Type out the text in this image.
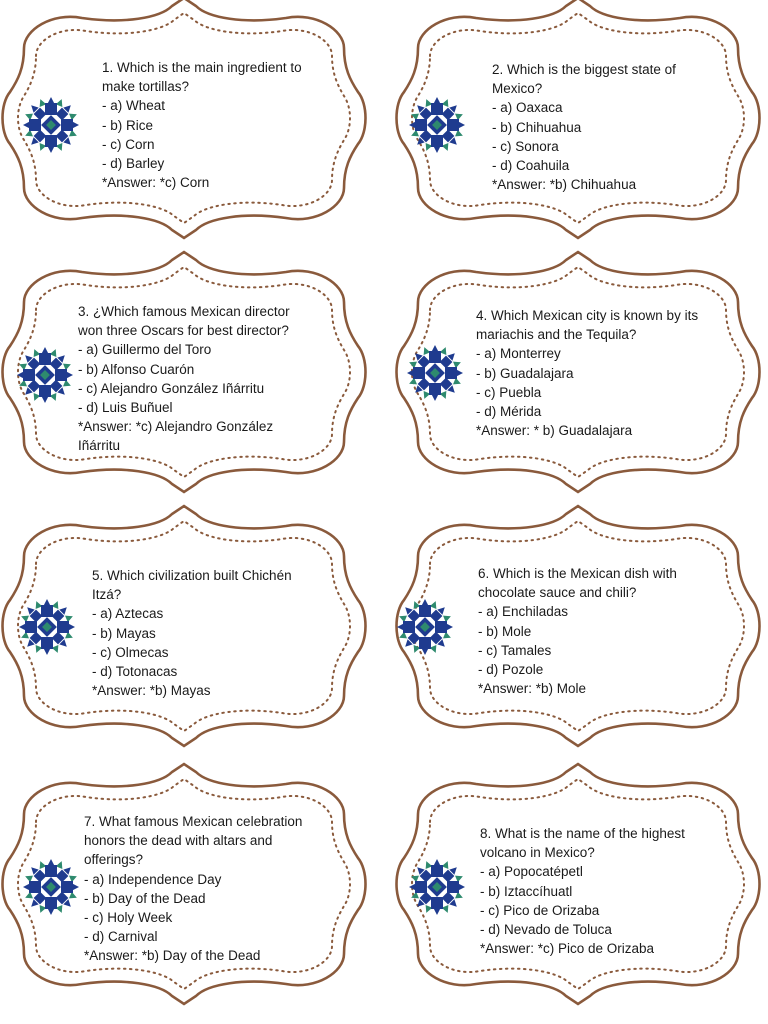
1. Which is the main ingredient to make tortillas?
- a) Wheat
- b) Rice
- c) Corn
- d) Barley
*Answer: *c) Corn
2. Which is the biggest state of Mexico?
- a) Oaxaca
- b) Chihuahua
- c) Sonora
- d) Coahuila
*Answer: *b) Chihuahua
3. ¿Which famous Mexican director won three Oscars for best director?
- a) Guillermo del Toro
- b) Alfonso Cuarón
- c) Alejandro González Iñárritu
- d) Luis Buñuel
*Answer: *c) Alejandro González Iñárritu
4. Which Mexican city is known by its mariachis and the Tequila?
- a) Monterrey
- b) Guadalajara
- c) Puebla
- d) Mérida
*Answer: * b) Guadalajara
5. Which civilization built Chichén Itzá?
- a) Aztecas
- b) Mayas
- c) Olmecas
- d) Totonacas
*Answer: *b) Mayas
6. Which is the Mexican dish with chocolate sauce and chili?
- a) Enchiladas
- b) Mole
- c) Tamales
- d) Pozole
*Answer: *b) Mole
7. What famous Mexican celebration honors the dead with altars and offerings?
- a) Independence Day
- b) Day of the Dead
- c) Holy Week
- d) Carnival
*Answer: *b) Day of the Dead
8. What is the name of the highest volcano in Mexico?
- a) Popocatépetl
- b) Iztaccíhuatl
- c) Pico de Orizaba
- d) Nevado de Toluca
*Answer: *c) Pico de Orizaba
